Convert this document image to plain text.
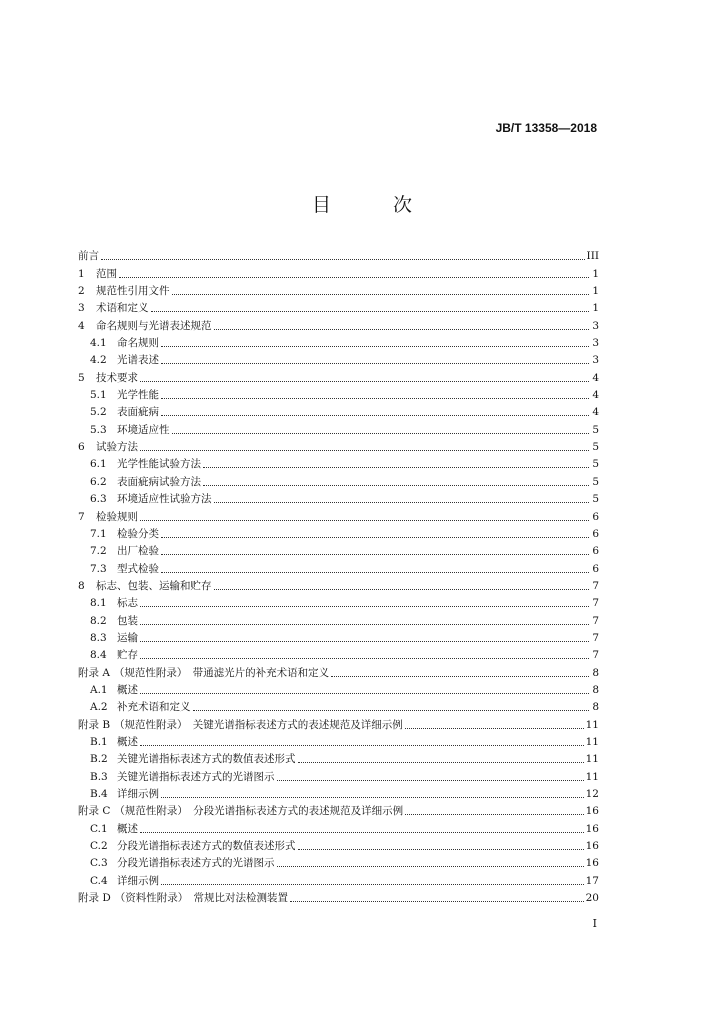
JB/T 13358—2018
目 次
前言	III
1	范围	1
2	规范性引用文件	1
3	术语和定义	1
4	命名规则与光谱表述规范	3
4.1 命名规则	3
4.2 光谱表述	3
5	技术要求	4
5.1 光学性能	4
5.2 表面疵病	4
5.3 环境适应性	5
6	试验方法	5
6.1 光学性能试验方法	5
6.2 表面疵病试验方法	5
6.3 环境适应性试验方法	5
7	检验规则	6
7.1 检验分类	6
7.2 出厂检验	6
7.3 型式检验	6
8	标志、包装、运输和贮存	7
8.1 标志	7
8.2 包装	7
8.3 运输	7
8.4 贮存	7
附录 A （规范性附录）　带通滤光片的补充术语和定义	8
A.1 概述	8
A.2 补充术语和定义	8
附录 B （规范性附录）　关键光谱指标表述方式的表述规范及详细示例	11
B.1 概述	11
B.2 关键光谱指标表述方式的数值表述形式	11
B.3 关键光谱指标表述方式的光谱图示	11
B.4 详细示例	12
附录 C （规范性附录）　分段光谱指标表述方式的表述规范及详细示例	16
C.1 概述	16
C.2 分段光谱指标表述方式的数值表述形式	16
C.3 分段光谱指标表述方式的光谱图示	16
C.4 详细示例	17
附录 D （资料性附录）　常规比对法检测装置	20
I
